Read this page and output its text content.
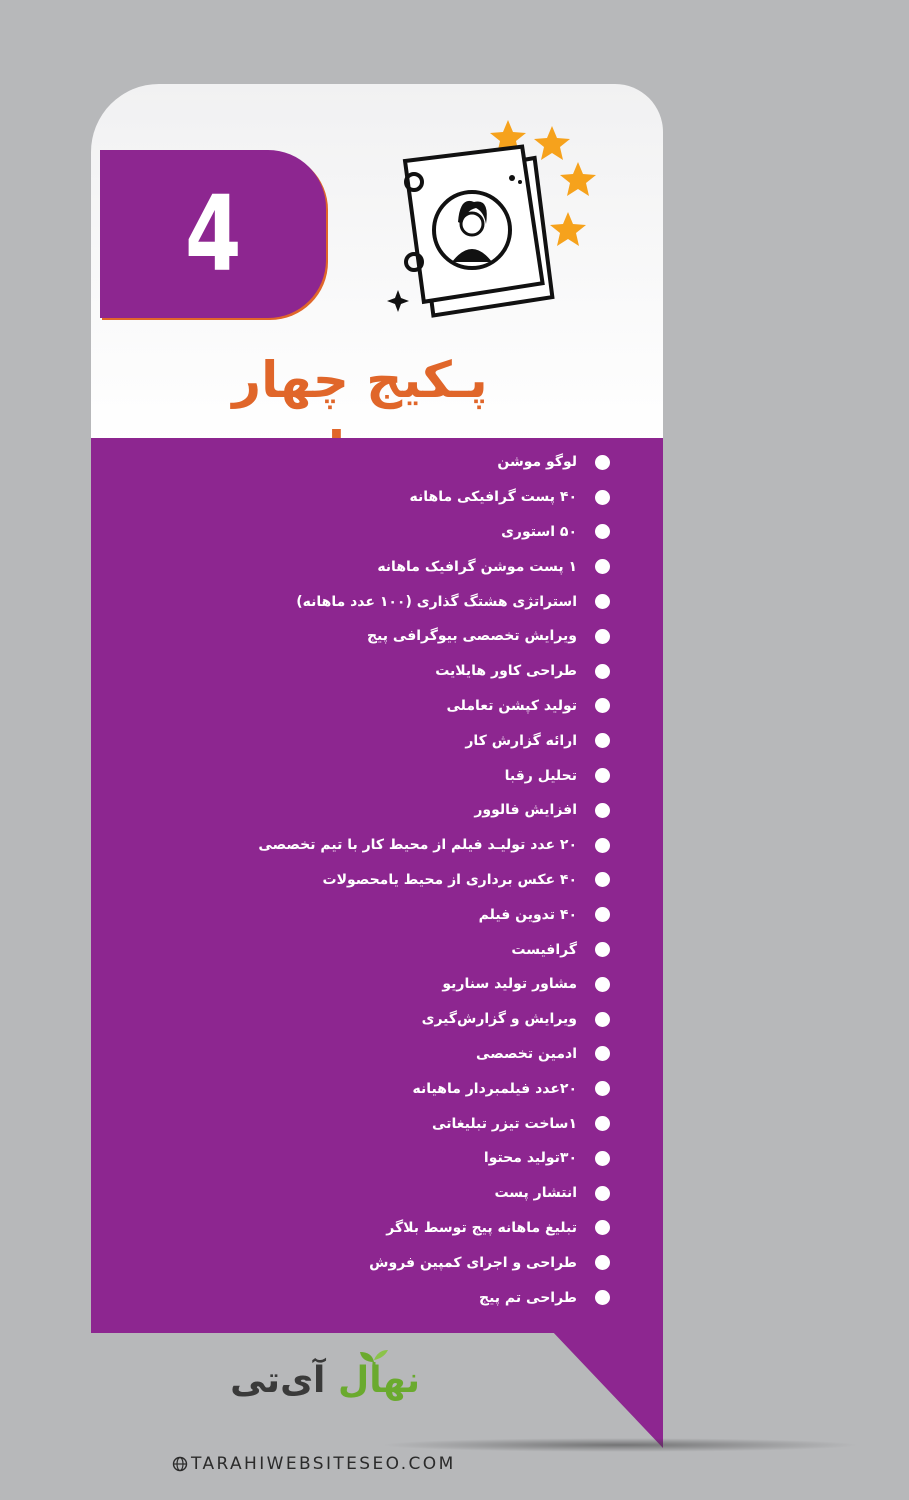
4
پـکیج چهار
لوگو موشن
۴۰ پست گرافیکی ماهانه
۵۰ استوری
۱ پست موشن گرافیک ماهانه
استراتژی هشتگ گذاری (۱۰۰ عدد ماهانه)
ویرایش تخصصی بیوگرافی پیج
طراحی کاور هایلایت
تولید کپشن تعاملی
ارائه گزارش کار
تحلیل رقبا
افزایش فالوور
۲۰ عدد تولیـد فیلم از محیط کار با تیم تخصصی
۴۰ عکس برداری از محیط یامحصولات
۴۰ تدوین فیلم
گرافیست
مشاور تولید سناریو
ویرایش و گزارش‌گیری
ادمین تخصصی
۲۰عدد فیلمبردار ماهیانه
۱ساخت تیزر تبلیغاتی
۳۰تولید محتوا
انتشار پست
تبلیغ ماهانه پیج توسط بلاگر
طراحی و اجرای کمپین فروش
طراحی تم پیج
نهال آی‌تی
TARAHIWEBSITESEO.COM
